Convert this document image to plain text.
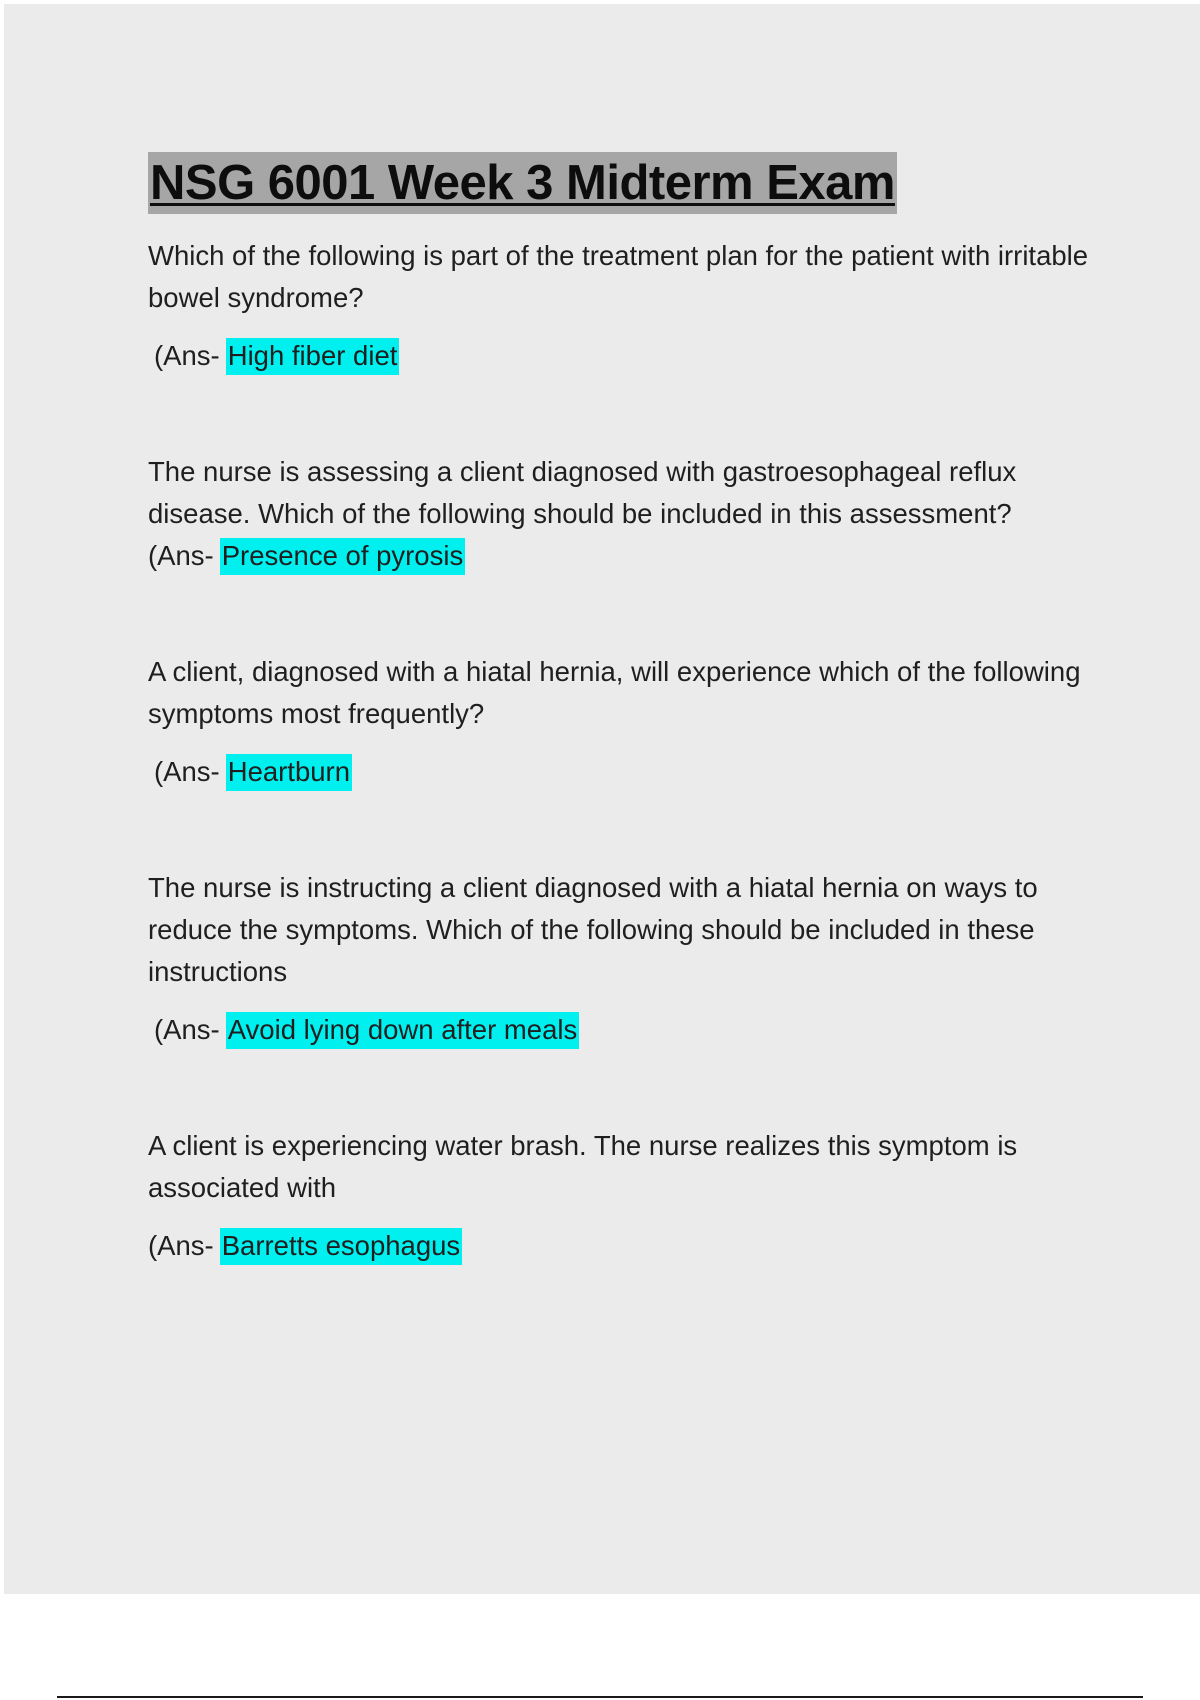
NSG 6001 Week 3 Midterm Exam

Which of the following is part of the treatment plan for the patient with irritable bowel syndrome?

(Ans- High fiber diet

The nurse is assessing a client diagnosed with gastroesophageal reflux disease. Which of the following should be included in this assessment?

(Ans- Presence of pyrosis

A client, diagnosed with a hiatal hernia, will experience which of the following symptoms most frequently?

(Ans- Heartburn

The nurse is instructing a client diagnosed with a hiatal hernia on ways to reduce the symptoms. Which of the following should be included in these instructions

(Ans- Avoid lying down after meals

A client is experiencing water brash. The nurse realizes this symptom is associated with

(Ans- Barretts esophagus
